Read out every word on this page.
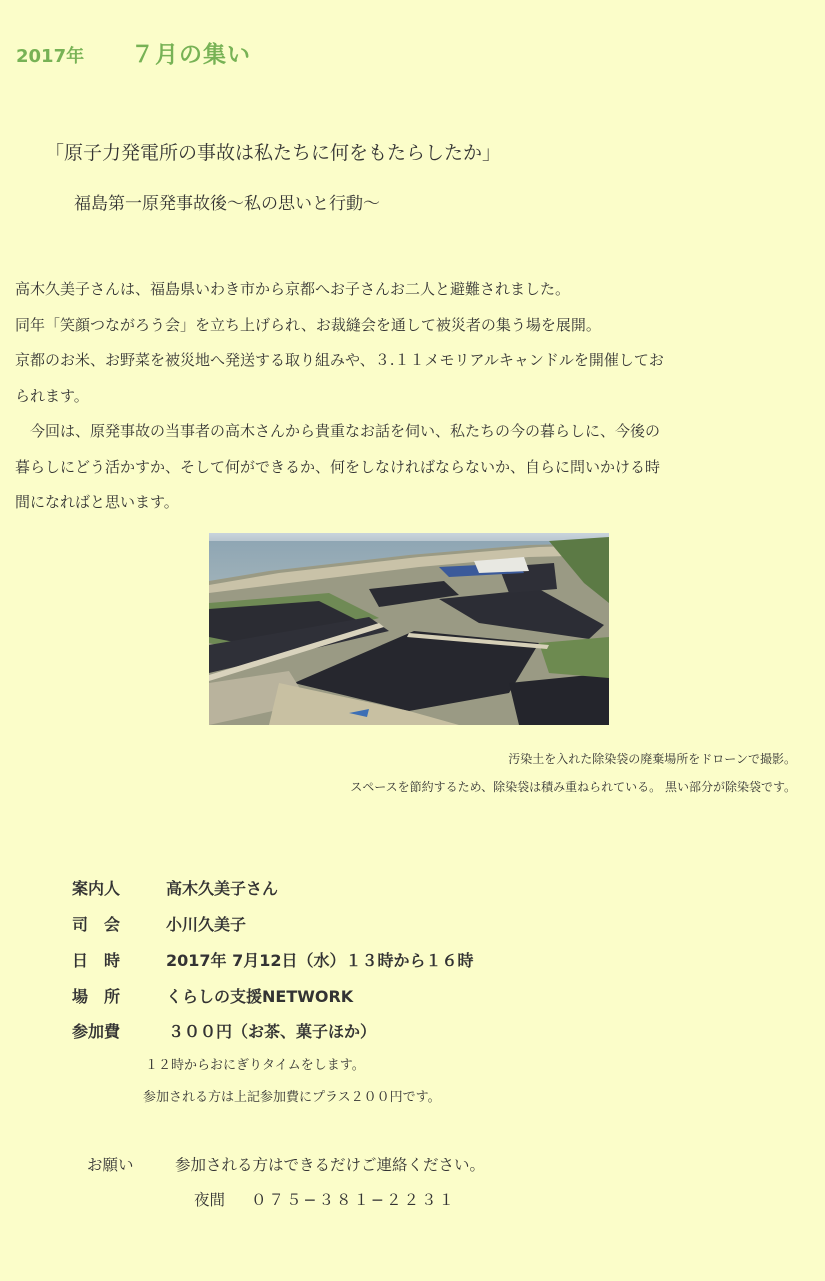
2017年 ７月の集い
「原子力発電所の事故は私たちに何をもたらしたか」
福島第一原発事故後～私の思いと行動～

高木久美子さんは、福島県いわき市から京都へお子さんお二人と避難されました。

同年「笑顔つながろう会」を立ち上げられ、お裁縫会を通して被災者の集う場を展開。

京都のお米、お野菜を被災地へ発送する取り組みや、３.１１メモリアルキャンドルを開催してお

られます。

　今回は、原発事故の当事者の高木さんから貴重なお話を伺い、私たちの今の暮らしに、今後の

暮らしにどう活かすか、そして何ができるか、何をしなければならないか、自らに問いかける時

間になればと思います。

汚染土を入れた除染袋の廃棄場所をドローンで撮影。
スペースを節約するため、除染袋は積み重ねられている。 黒い部分が除染袋です。
案内人	高木久美子さん
司　会	小川久美子
日　時	2017年 7月12日（水）１３時から１６時
場　所	くらしの支援NETWORK
参加費	３００円（お茶、菓子ほか）
１２時からおにぎりタイムをします。
参加される方は上記参加費にプラス２００円です。
お願い	参加される方はできるだけご連絡ください。
夜間 ０７５−３８１−２２３１
